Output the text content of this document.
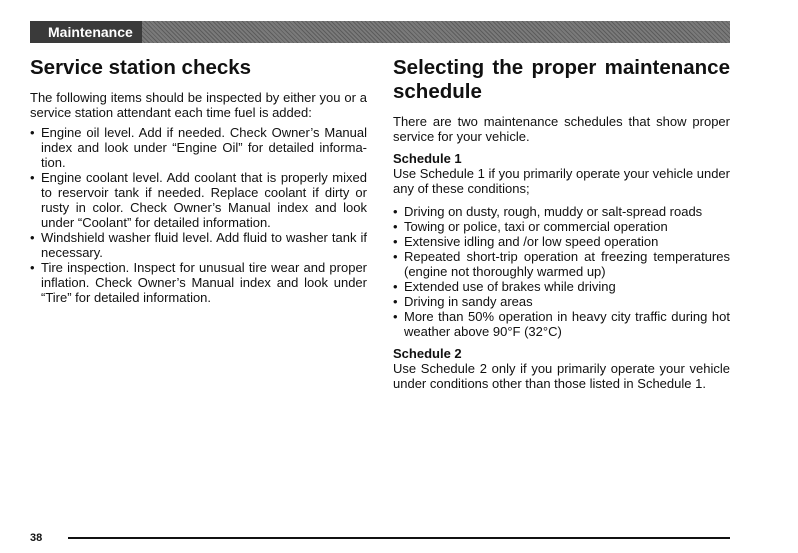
Maintenance
Service station checks

The following items should be inspected by either you or a service station attendant each time fuel is added:

• Engine oil level. Add if needed. Check Owner’s Manual index and look under “Engine Oil” for detailed informa-tion.
• Engine coolant level. Add coolant that is properly mixed to reservoir tank if needed. Replace coolant if dirty or rusty in color. Check Owner’s Manual index and look under “Coolant” for detailed information.
• Windshield washer fluid level. Add fluid to washer tank if necessary.
• Tire inspection. Inspect for unusual tire wear and proper inflation. Check Owner’s Manual index and look under “Tire” for detailed information.
Selecting the proper maintenance schedule

There are two maintenance schedules that show proper service for your vehicle.

Schedule 1

Use Schedule 1 if you primarily operate your vehicle under any of these conditions;

• Driving on dusty, rough, muddy or salt-spread roads
• Towing or police, taxi or commercial operation
• Extensive idling and /or low speed operation
• Repeated short-trip operation at freezing temperatures (engine not thoroughly warmed up)
• Extended use of brakes while driving
• Driving in sandy areas
• More than 50% operation in heavy city traffic during hot weather above 90°F (32°C)
Schedule 2

Use Schedule 2 only if you primarily operate your vehicle under conditions other than those listed in Schedule 1.

38
